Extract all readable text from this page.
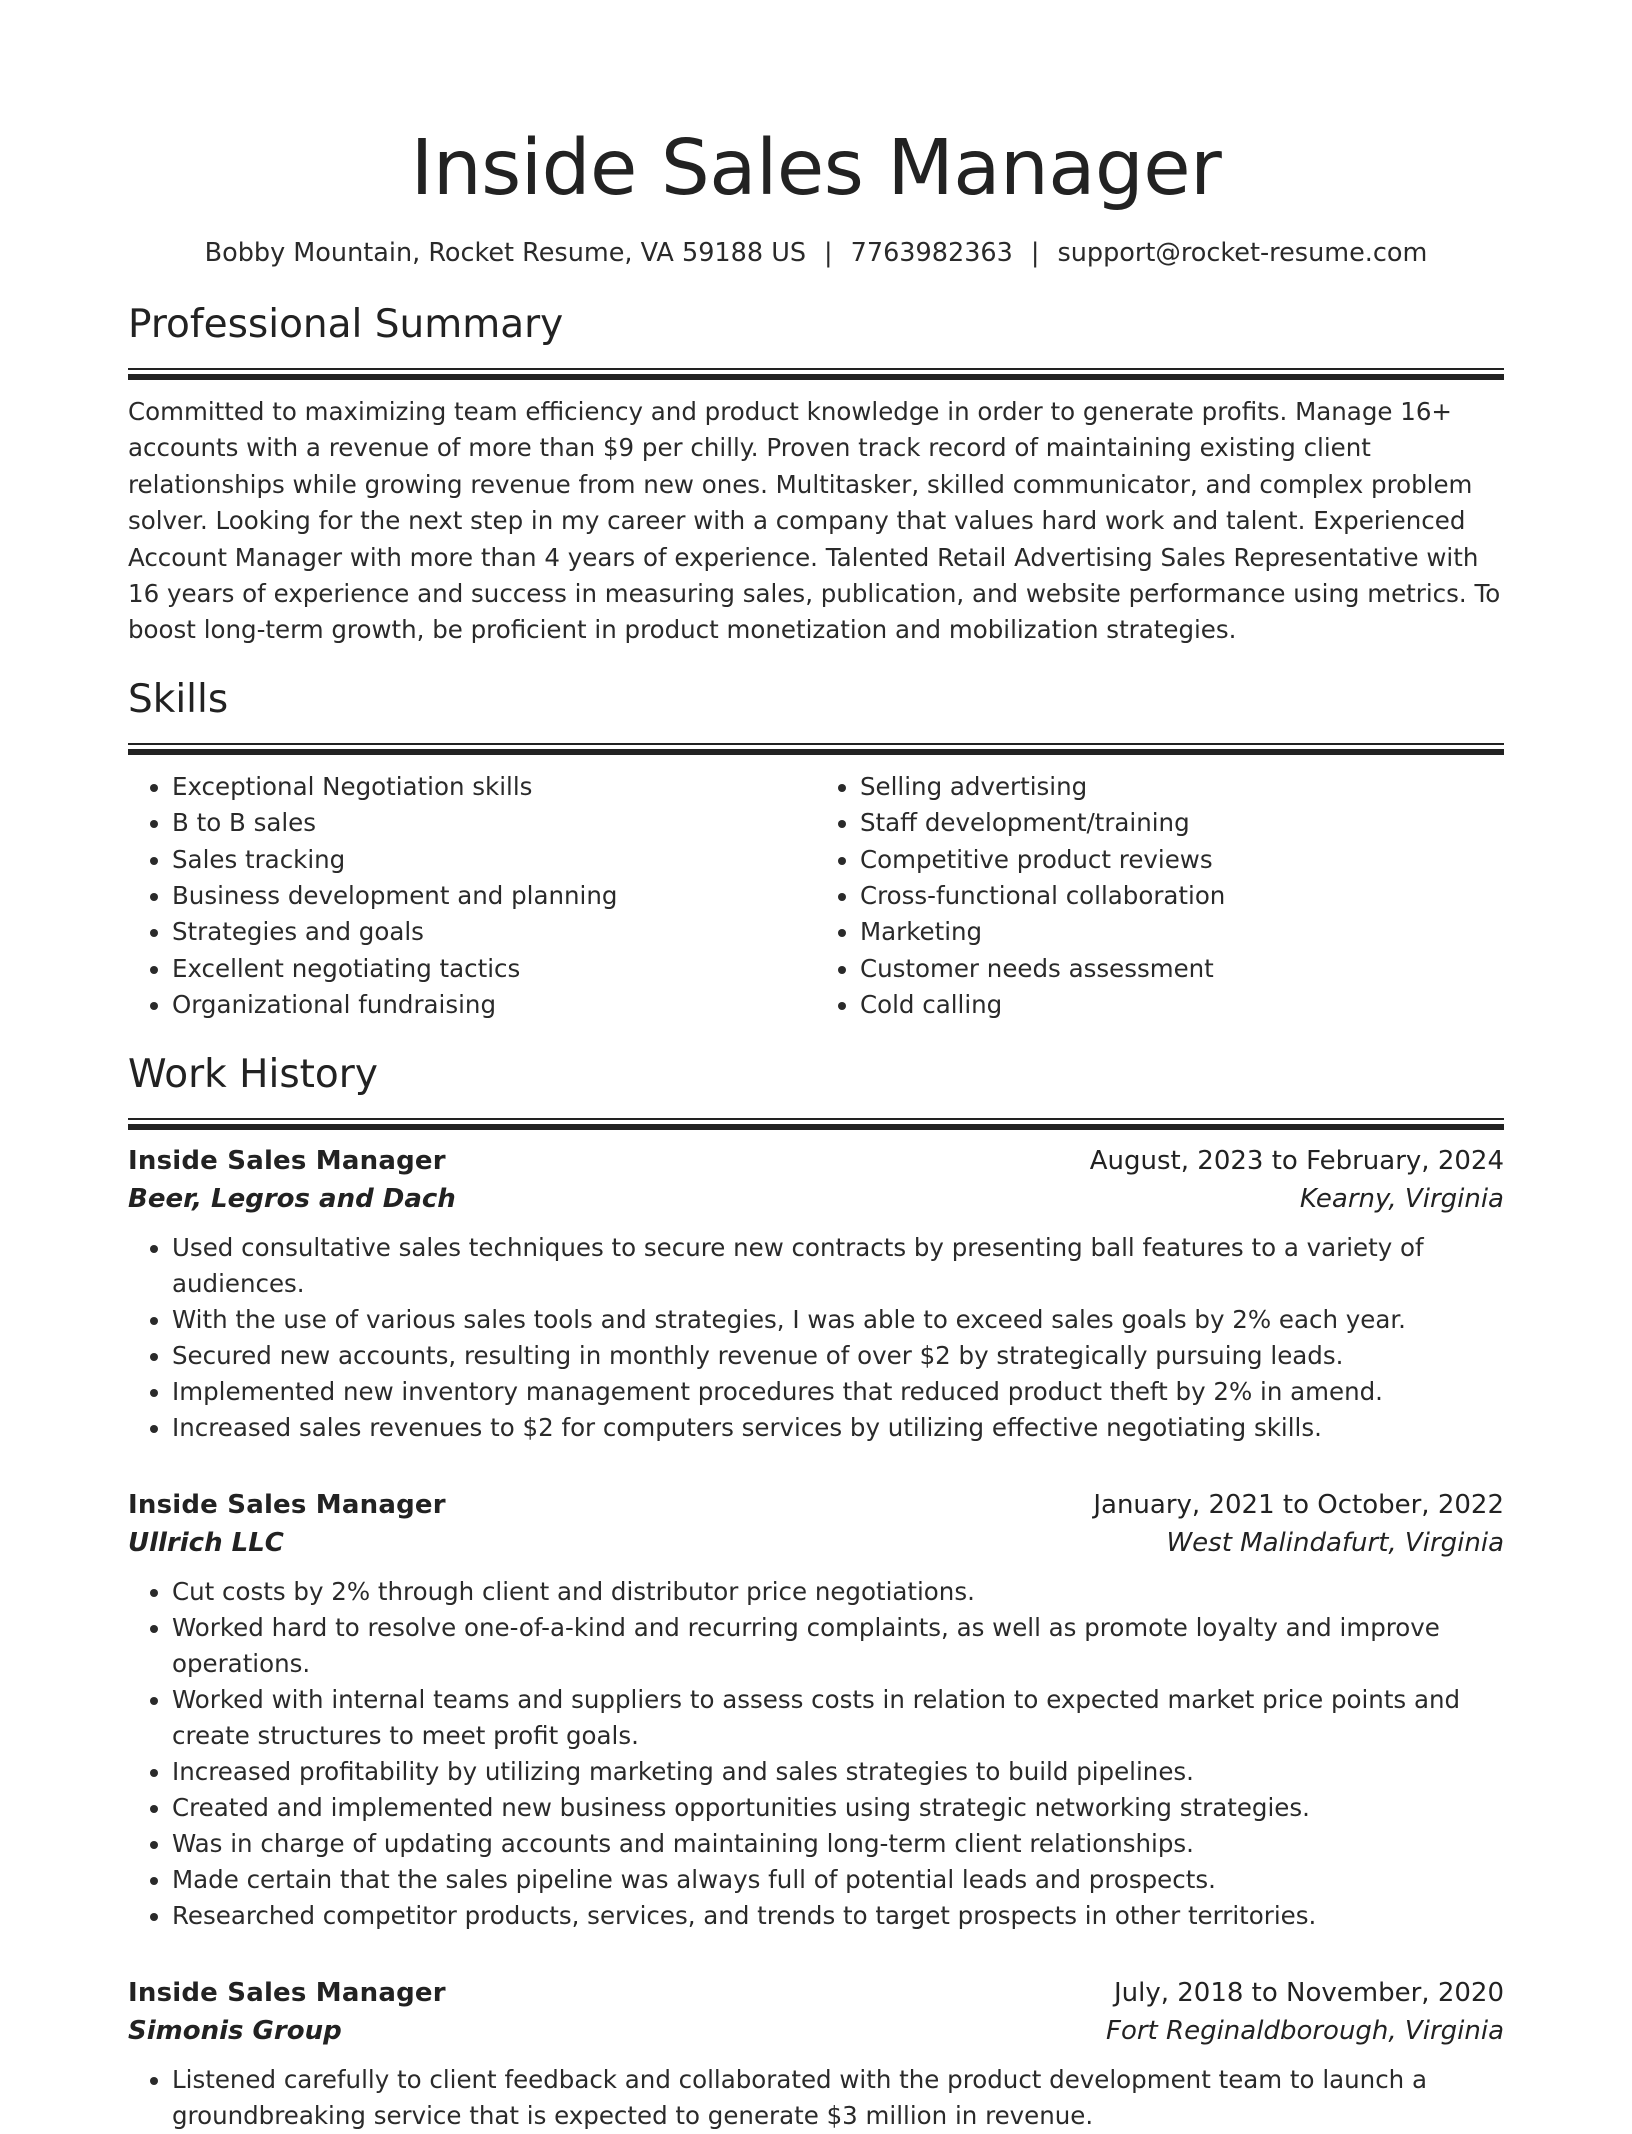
Inside Sales Manager
Bobby Mountain, Rocket Resume, VA 59188 US | 7763982363 | support@rocket-resume.com
Professional Summary

Committed to maximizing team efficiency and product knowledge in order to generate profits. Manage 16+ accounts with a revenue of more than $9 per chilly. Proven track record of maintaining existing client relationships while growing revenue from new ones. Multitasker, skilled communicator, and complex problem solver. Looking for the next step in my career with a company that values hard work and talent. Experienced Account Manager with more than 4 years of experience. Talented Retail Advertising Sales Representative with 16 years of experience and success in measuring sales, publication, and website performance using metrics. To boost long-term growth, be proficient in product monetization and mobilization strategies.

Skills
• Exceptional Negotiation skills
• B to B sales
• Sales tracking
• Business development and planning
• Strategies and goals
• Excellent negotiating tactics
• Organizational fundraising
• Selling advertising
• Staff development/training
• Competitive product reviews
• Cross-functional collaboration
• Marketing
• Customer needs assessment
• Cold calling
Work History
Inside Sales Manager	August, 2023 to February, 2024
Beer, Legros and Dach	Kearny, Virginia
• Used consultative sales techniques to secure new contracts by presenting ball features to a variety of audiences.
• With the use of various sales tools and strategies, I was able to exceed sales goals by 2% each year.
• Secured new accounts, resulting in monthly revenue of over $2 by strategically pursuing leads.
• Implemented new inventory management procedures that reduced product theft by 2% in amend.
• Increased sales revenues to $2 for computers services by utilizing effective negotiating skills.
Inside Sales Manager	January, 2021 to October, 2022
Ullrich LLC	West Malindafurt, Virginia
• Cut costs by 2% through client and distributor price negotiations.
• Worked hard to resolve one-of-a-kind and recurring complaints, as well as promote loyalty and improve operations.
• Worked with internal teams and suppliers to assess costs in relation to expected market price points and create structures to meet profit goals.
• Increased profitability by utilizing marketing and sales strategies to build pipelines.
• Created and implemented new business opportunities using strategic networking strategies.
• Was in charge of updating accounts and maintaining long-term client relationships.
• Made certain that the sales pipeline was always full of potential leads and prospects.
• Researched competitor products, services, and trends to target prospects in other territories.
Inside Sales Manager	July, 2018 to November, 2020
Simonis Group	Fort Reginaldborough, Virginia
• Listened carefully to client feedback and collaborated with the product development team to launch a groundbreaking service that is expected to generate $3 million in revenue.
